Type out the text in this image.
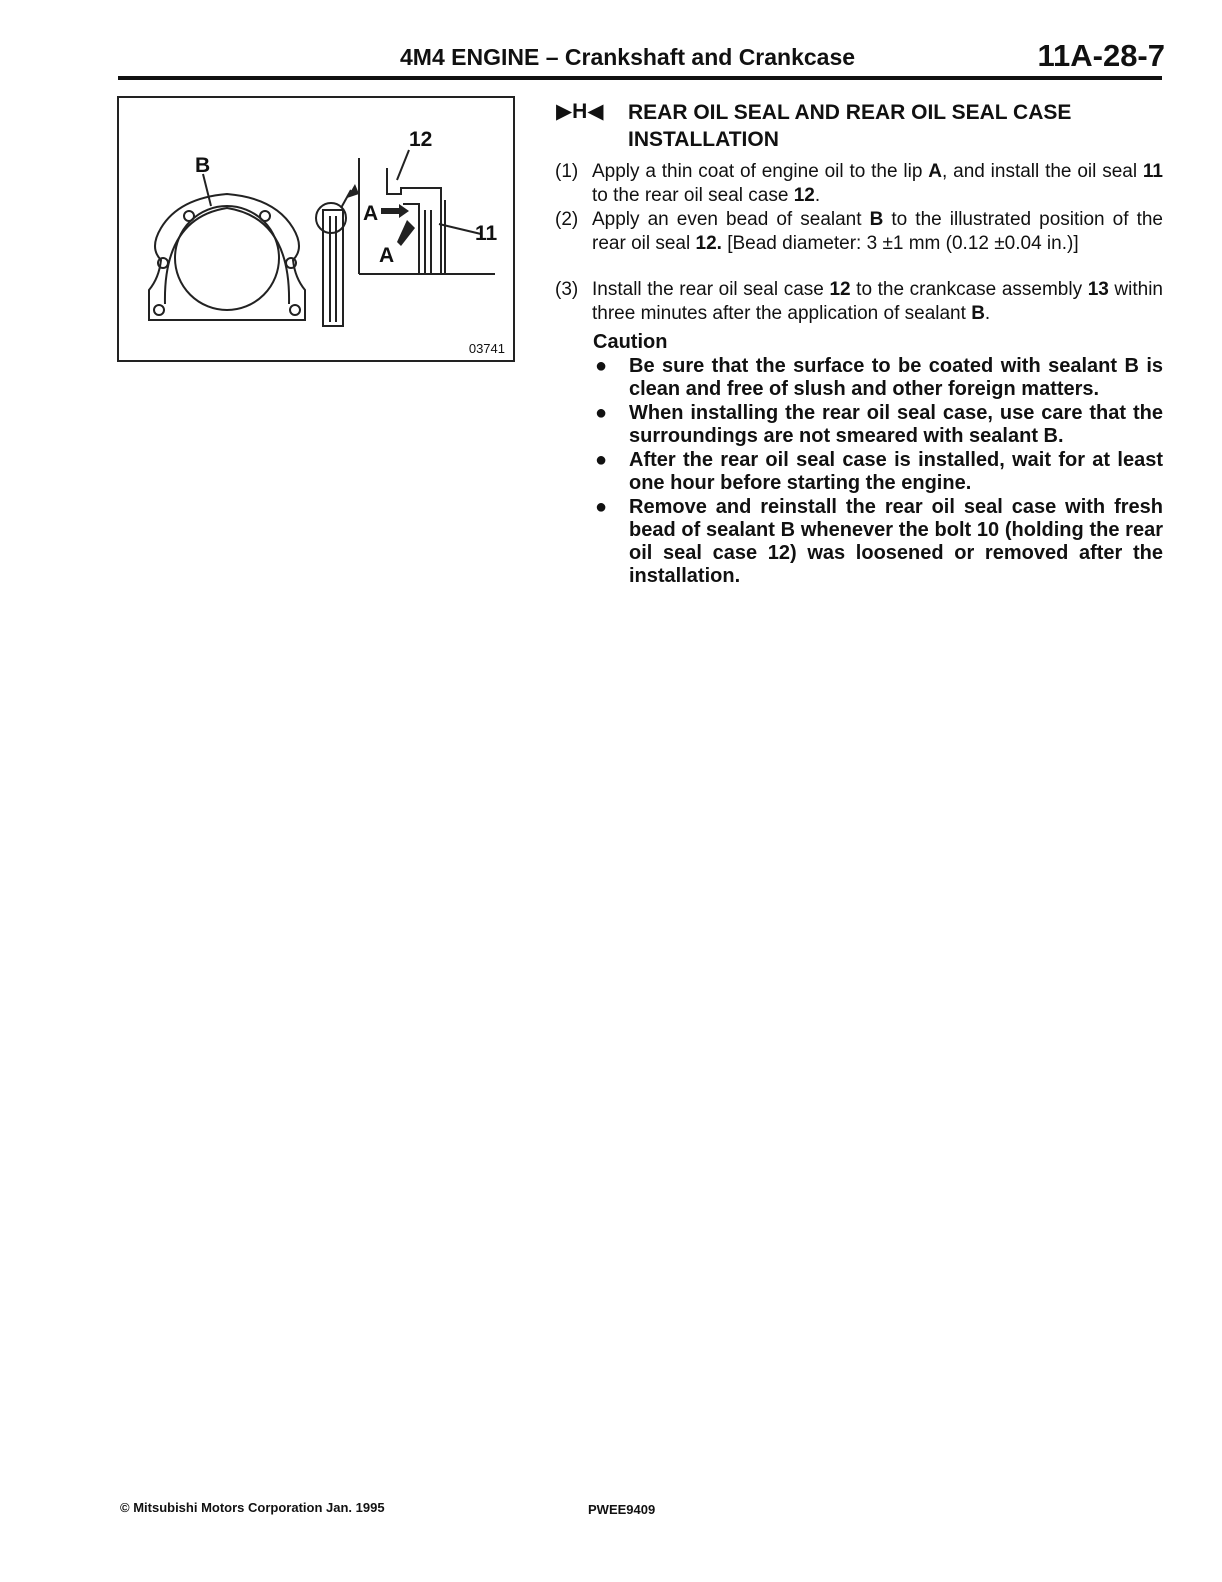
4M4 ENGINE – Crankshaft and Crankcase	11A-28-7
B
12
11
A
A
03741
▶H◀ REAR OIL SEAL AND REAR OIL SEAL CASE INSTALLATION
(1) Apply a thin coat of engine oil to the lip A, and install the oil seal 11 to the rear oil seal case 12.
(2) Apply an even bead of sealant B to the illustrated position of the rear oil seal 12. [Bead diameter: 3 ±1 mm (0.12 ±0.04 in.)]
(3) Install the rear oil seal case 12 to the crankcase assembly 13 within three minutes after the application of sealant B.
Caution
● Be sure that the surface to be coated with sealant B is clean and free of slush and other foreign matters.
● When installing the rear oil seal case, use care that the surroundings are not smeared with sealant B.
● After the rear oil seal case is installed, wait for at least one hour before starting the engine.
● Remove and reinstall the rear oil seal case with fresh bead of sealant B whenever the bolt 10 (holding the rear oil seal case 12) was loosened or removed after the installation.
© Mitsubishi Motors Corporation Jan. 1995	PWEE9409
